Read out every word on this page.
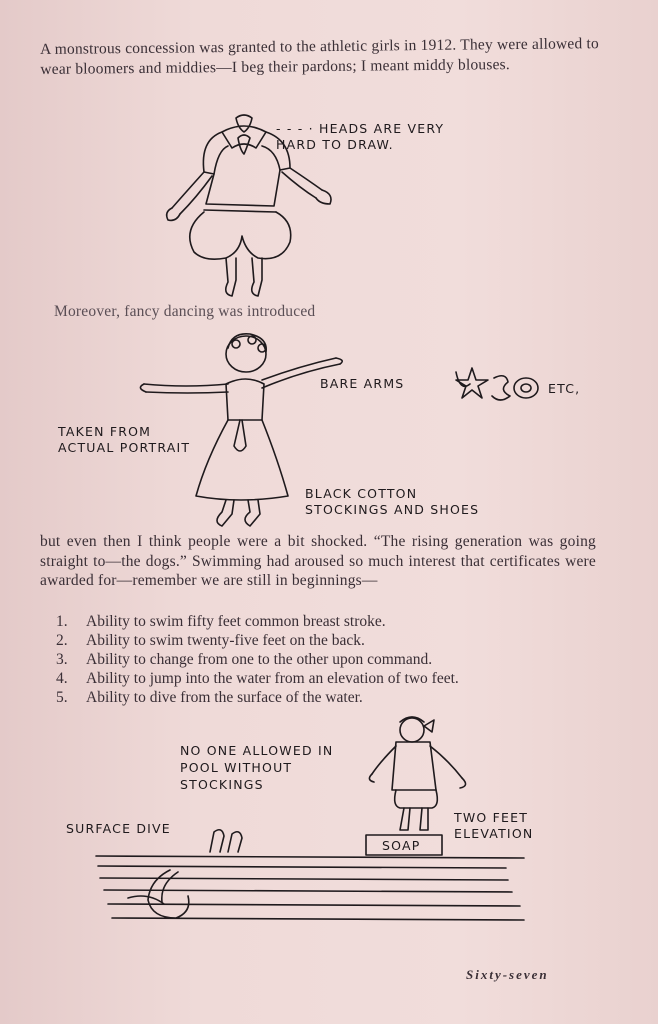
A monstrous concession was granted to the athletic girls in 1912. They were allowed to wear bloomers and middies—I beg their pardons; I meant middy blouses.

- - - · HEADS ARE VERY
HARD TO DRAW.

Moreover, fancy dancing was introduced

BARE ARMS	ETC,
TAKEN FROM
ACTUAL PORTRAIT
BLACK COTTON
STOCKINGS AND SHOES

but even then I think people were a bit shocked. “The rising generation was going straight to—the dogs.” Swimming had aroused so much interest that certificates were awarded for—remember we are still in beginnings—

1.	Ability to swim fifty feet common breast stroke.
2.	Ability to swim twenty-five feet on the back.
3.	Ability to change from one to the other upon command.
4.	Ability to jump into the water from an elevation of two feet.
5.	Ability to dive from the surface of the water.
NO ONE ALLOWED IN
POOL WITHOUT
STOCKINGS
SURFACE DIVE
TWO FEET
ELEVATION
SOAP
Sixty-seven
